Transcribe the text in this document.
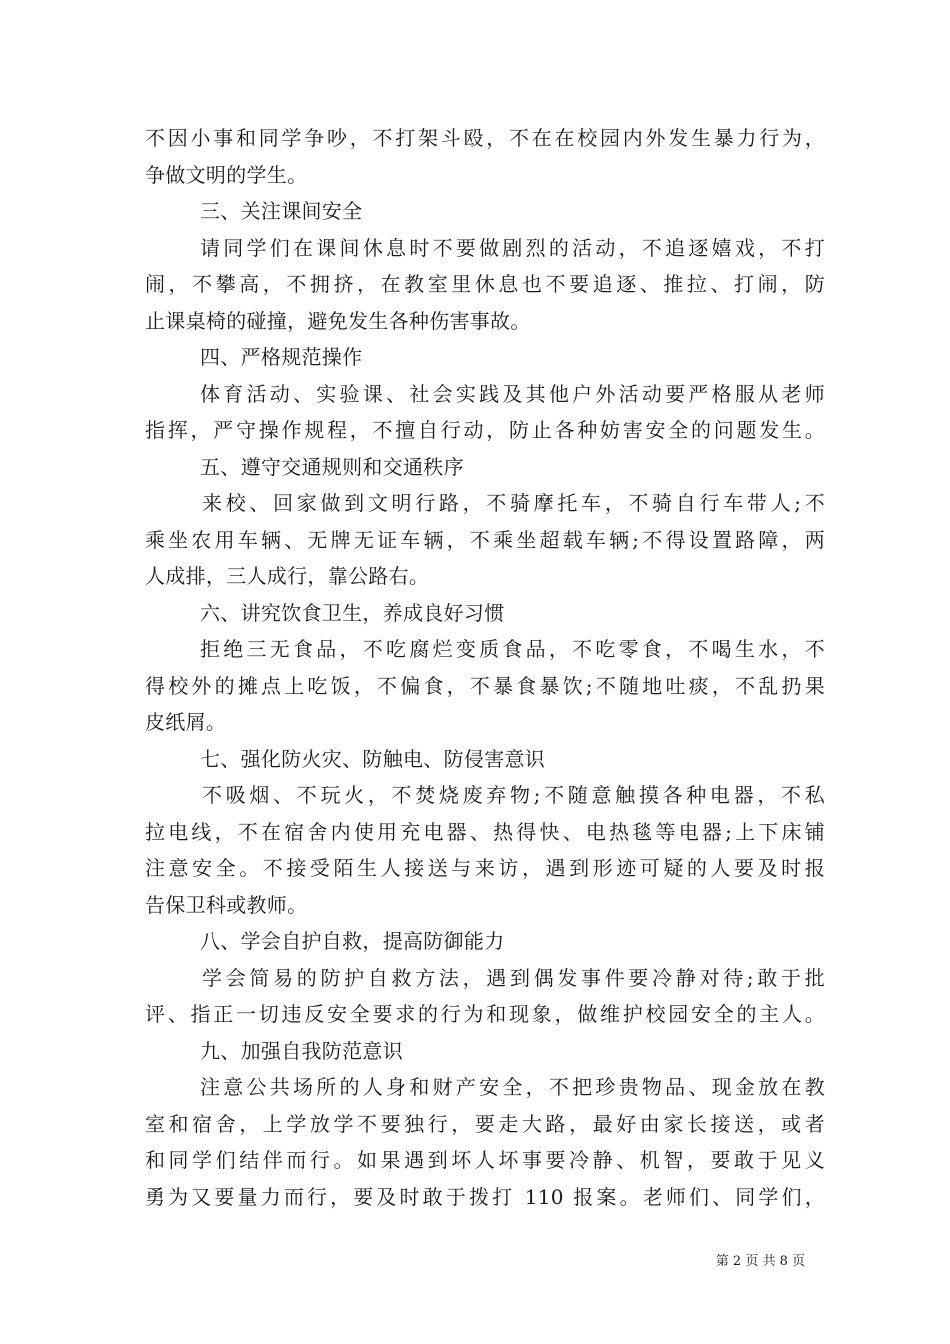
不因小事和同学争吵，不打架斗殴，不在在校园内外发生暴力行为，
争做文明的学生。
三、关注课间安全
请同学们在课间休息时不要做剧烈的活动，不追逐嬉戏，不打
闹，不攀高，不拥挤，在教室里休息也不要追逐、推拉、打闹，防
止课桌椅的碰撞，避免发生各种伤害事故。
四、严格规范操作
体育活动、实验课、社会实践及其他户外活动要严格服从老师
指挥，严守操作规程，不擅自行动，防止各种妨害安全的问题发生。
五、遵守交通规则和交通秩序
来校、回家做到文明行路，不骑摩托车，不骑自行车带人;不
乘坐农用车辆、无牌无证车辆，不乘坐超载车辆;不得设置路障，两
人成排，三人成行，靠公路右。
六、讲究饮食卫生，养成良好习惯
拒绝三无食品，不吃腐烂变质食品，不吃零食，不喝生水，不
得校外的摊点上吃饭，不偏食，不暴食暴饮;不随地吐痰，不乱扔果
皮纸屑。
七、强化防火灾、防触电、防侵害意识
不吸烟、不玩火，不焚烧废弃物;不随意触摸各种电器，不私
拉电线，不在宿舍内使用充电器、热得快、电热毯等电器;上下床铺
注意安全。不接受陌生人接送与来访，遇到形迹可疑的人要及时报
告保卫科或教师。
八、学会自护自救，提高防御能力
学会简易的防护自救方法，遇到偶发事件要冷静对待;敢于批
评、指正一切违反安全要求的行为和现象，做维护校园安全的主人。
九、加强自我防范意识
注意公共场所的人身和财产安全，不把珍贵物品、现金放在教
室和宿舍，上学放学不要独行，要走大路，最好由家长接送，或者
和同学们结伴而行。如果遇到坏人坏事要冷静、机智，要敢于见义
勇为又要量力而行，要及时敢于拨打 110 报案。老师们、同学们，
第 2 页 共 8 页
